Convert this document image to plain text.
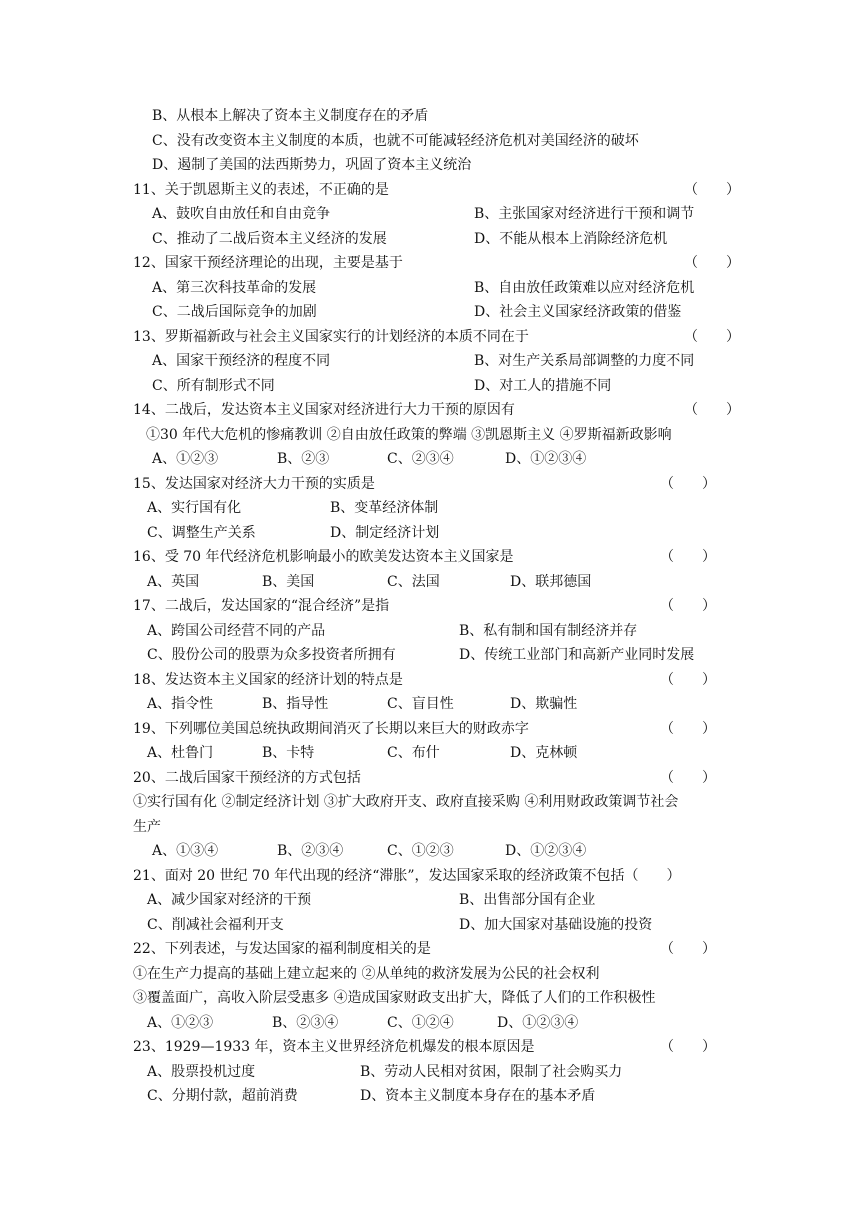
B、从根本上解决了资本主义制度存在的矛盾
C、没有改变资本主义制度的本质，也就不可能减轻经济危机对美国经济的破坏
D、遏制了美国的法西斯势力，巩固了资本主义统治
11、关于凯恩斯主义的表述，不正确的是	（　　）
A、鼓吹自由放任和自由竞争	B、主张国家对经济进行干预和调节
C、推动了二战后资本主义经济的发展	D、不能从根本上消除经济危机
12、国家干预经济理论的出现，主要是基于	（　　）
A、第三次科技革命的发展	B、自由放任政策难以应对经济危机
C、二战后国际竞争的加剧	D、社会主义国家经济政策的借鉴
13、罗斯福新政与社会主义国家实行的计划经济的本质不同在于	（　　）
A、国家干预经济的程度不同	B、对生产关系局部调整的力度不同
C、所有制形式不同	D、对工人的措施不同
14、二战后，发达资本主义国家对经济进行大力干预的原因有	（　　）
①30 年代大危机的惨痛教训 ②自由放任政策的弊端 ③凯恩斯主义 ④罗斯福新政影响
A、①②③	B、②③	C、②③④	D、①②③④
15、发达国家对经济大力干预的实质是	（　　）
A、实行国有化	B、变革经济体制
C、调整生产关系	D、制定经济计划
16、受 70 年代经济危机影响最小的欧美发达资本主义国家是	（　　）
A、英国	B、美国	C、法国	D、联邦德国
17、二战后，发达国家的“混合经济”是指	（　　）
A、跨国公司经营不同的产品	B、私有制和国有制经济并存
C、股份公司的股票为众多投资者所拥有	D、传统工业部门和高新产业同时发展
18、发达资本主义国家的经济计划的特点是	（　　）
A、指令性	B、指导性	C、盲目性	D、欺骗性
19、下列哪位美国总统执政期间消灭了长期以来巨大的财政赤字	（　　）
A、杜鲁门	B、卡特	C、布什	D、克林顿
20、二战后国家干预经济的方式包括	（　　）
①实行国有化 ②制定经济计划 ③扩大政府开支、政府直接采购 ④利用财政政策调节社会
生产
A、①③④	B、②③④	C、①②③	D、①②③④
21、面对 20 世纪 70 年代出现的经济“滞胀”，发达国家采取的经济政策不包括（　　）
A、减少国家对经济的干预	B、出售部分国有企业
C、削减社会福利开支	D、加大国家对基础设施的投资
22、下列表述，与发达国家的福利制度相关的是	（　　）
①在生产力提高的基础上建立起来的 ②从单纯的救济发展为公民的社会权利
③覆盖面广，高收入阶层受惠多 ④造成国家财政支出扩大，降低了人们的工作积极性
A、①②③	B、②③④	C、①②④	D、①②③④
23、1929—1933 年，资本主义世界经济危机爆发的根本原因是	（　　）
A、股票投机过度	B、劳动人民相对贫困，限制了社会购买力
C、分期付款，超前消费	D、资本主义制度本身存在的基本矛盾
